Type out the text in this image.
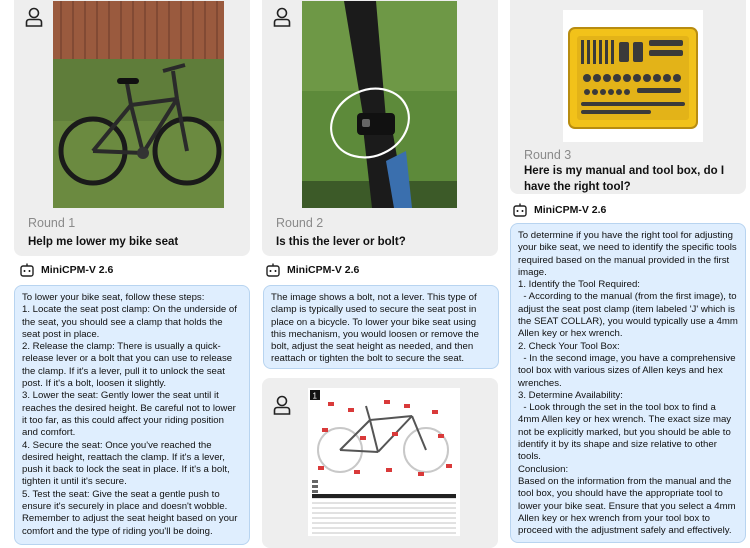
Round 1
Help me lower my bike seat
MiniCPM-V 2.6
To lower your bike seat, follow these steps:
1. Locate the seat post clamp: On the underside of the seat, you should see a clamp that holds the seat post in place.
2. Release the clamp: There is usually a quick-release lever or a bolt that you can use to release the clamp. If it's a lever, pull it to unlock the seat post. If it's a bolt, loosen it slightly.
3. Lower the seat: Gently lower the seat until it reaches the desired height. Be careful not to lower it too far, as this could affect your riding position and comfort.
4. Secure the seat: Once you've reached the desired height, reattach the clamp. If it's a lever, push it back to lock the seat in place. If it's a bolt, tighten it until it's secure.
5. Test the seat: Give the seat a gentle push to ensure it's securely in place and doesn't wobble. Remember to adjust the seat height based on your comfort and the type of riding you'll be doing.
Round 2
Is this the lever or bolt?
MiniCPM-V 2.6
The image shows a bolt, not a lever. This type of clamp is typically used to secure the seat post in place on a bicycle. To lower your bike seat using this mechanism, you would loosen or remove the bolt, adjust the seat height as needed, and then reattach or tighten the bolt to secure the seat.
1
Round 3
Here is my manual and tool box, do I have the right tool?
MiniCPM-V 2.6
To determine if you have the right tool for adjusting your bike seat, we need to identify the specific tools required based on the manual provided in the first image.
1. Identify the Tool Required:
- According to the manual (from the first image), to adjust the seat post clamp (item labeled 'J' which is the SEAT COLLAR), you would typically use a 4mm Allen key or hex wrench.
2. Check Your Tool Box:
- In the second image, you have a comprehensive tool box with various sizes of Allen keys and hex wrenches.
3. Determine Availability:
- Look through the set in the tool box to find a 4mm Allen key or hex wrench. The exact size may not be explicitly marked, but you should be able to identify it by its shape and size relative to other tools.
Conclusion:
Based on the information from the manual and the tool box, you should have the appropriate tool to lower your bike seat. Ensure that you select a 4mm Allen key or hex wrench from your tool box to proceed with the adjustment safely and effectively.
